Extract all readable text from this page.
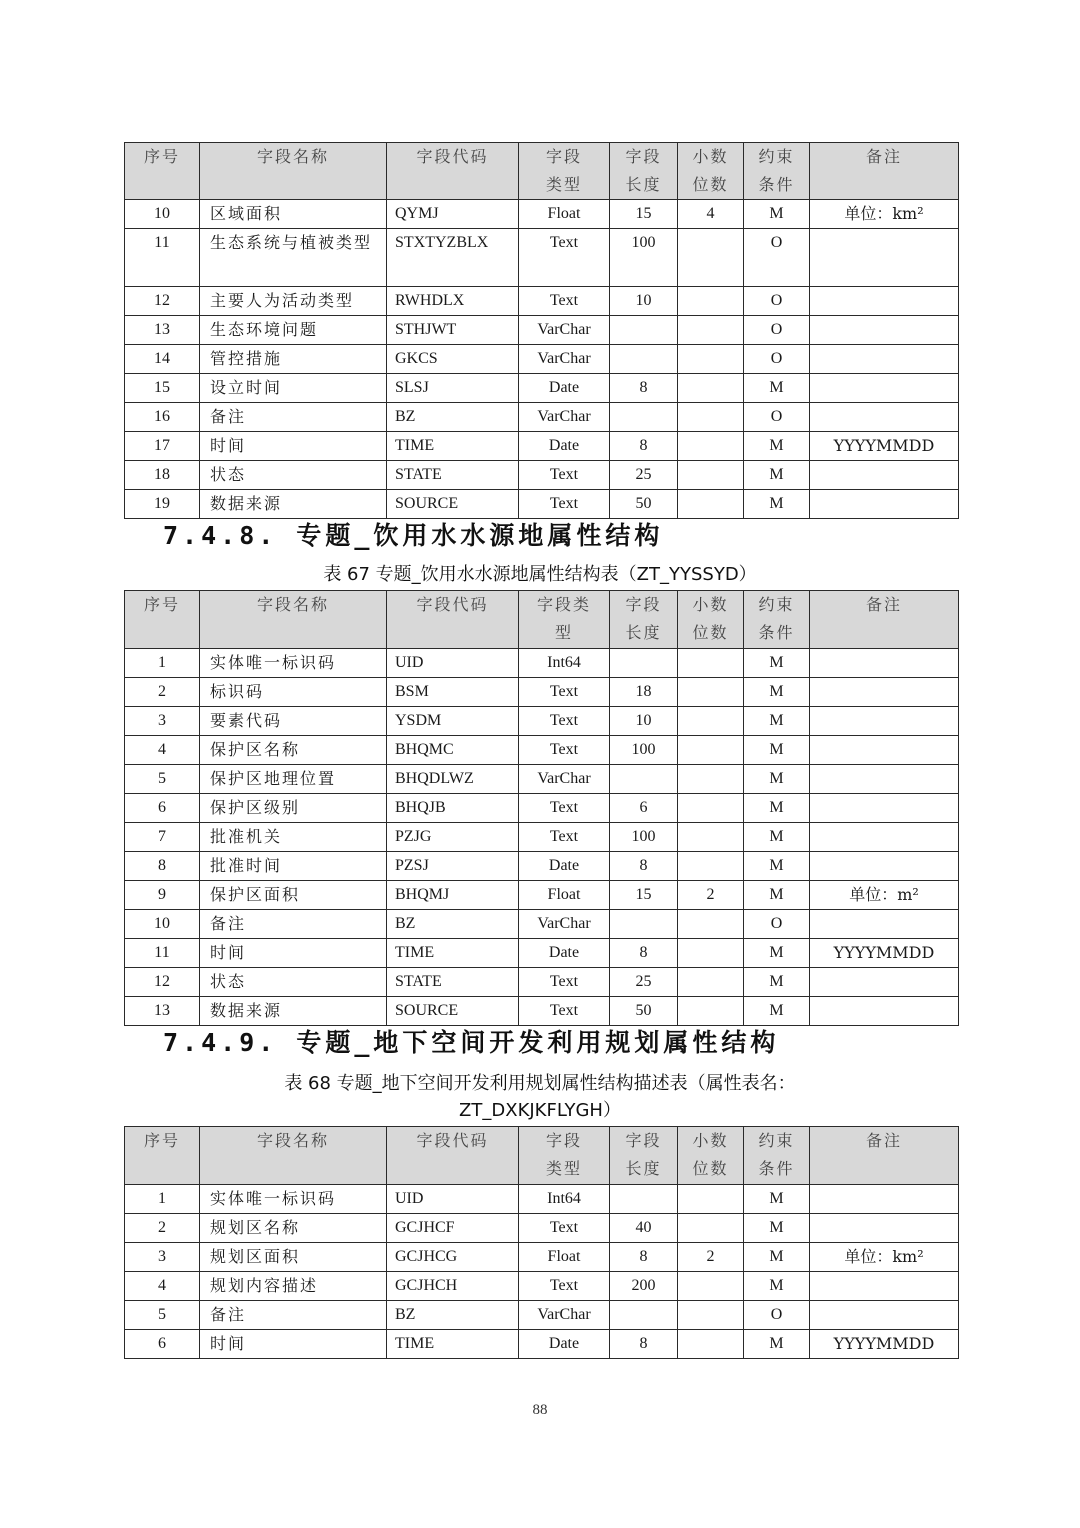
序号	字段名称	字段代码	字段类型	字段长度	小数位数	约束条件	备注
10	区域面积	QYMJ	Float	15	4	M	单位：km²
11	生态系统与植被类型	STXTYZBLX	Text	100		O	
12	主要人为活动类型	RWHDLX	Text	10		O	
13	生态环境问题	STHJWT	VarChar			O	
14	管控措施	GKCS	VarChar			O	
15	设立时间	SLSJ	Date	8		M	
16	备注	BZ	VarChar			O	
17	时间	TIME	Date	8		M	YYYYMMDD
18	状态	STATE	Text	25		M	
19	数据来源	SOURCE	Text	50		M	
7.4.8. 专题_饮用水水源地属性结构
表 67 专题_饮用水水源地属性结构表（ZT_YYSSYD）
序号	字段名称	字段代码	字段类型	字段长度	小数位数	约束条件	备注
1	实体唯一标识码	UID	Int64			M	
2	标识码	BSM	Text	18		M	
3	要素代码	YSDM	Text	10		M	
4	保护区名称	BHQMC	Text	100		M	
5	保护区地理位置	BHQDLWZ	VarChar			M	
6	保护区级别	BHQJB	Text	6		M	
7	批准机关	PZJG	Text	100		M	
8	批准时间	PZSJ	Date	8		M	
9	保护区面积	BHQMJ	Float	15	2	M	单位：m²
10	备注	BZ	VarChar			O	
11	时间	TIME	Date	8		M	YYYYMMDD
12	状态	STATE	Text	25		M	
13	数据来源	SOURCE	Text	50		M	
7.4.9. 专题_地下空间开发利用规划属性结构
表 68 专题_地下空间开发利用规划属性结构描述表（属性表名：
ZT_DXKJKFLYGH）
序号	字段名称	字段代码	字段类型	字段长度	小数位数	约束条件	备注
1	实体唯一标识码	UID	Int64			M	
2	规划区名称	GCJHCF	Text	40		M	
3	规划区面积	GCJHCG	Float	8	2	M	单位：km²
4	规划内容描述	GCJHCH	Text	200		M	
5	备注	BZ	VarChar			O	
6	时间	TIME	Date	8		M	YYYYMMDD
88
